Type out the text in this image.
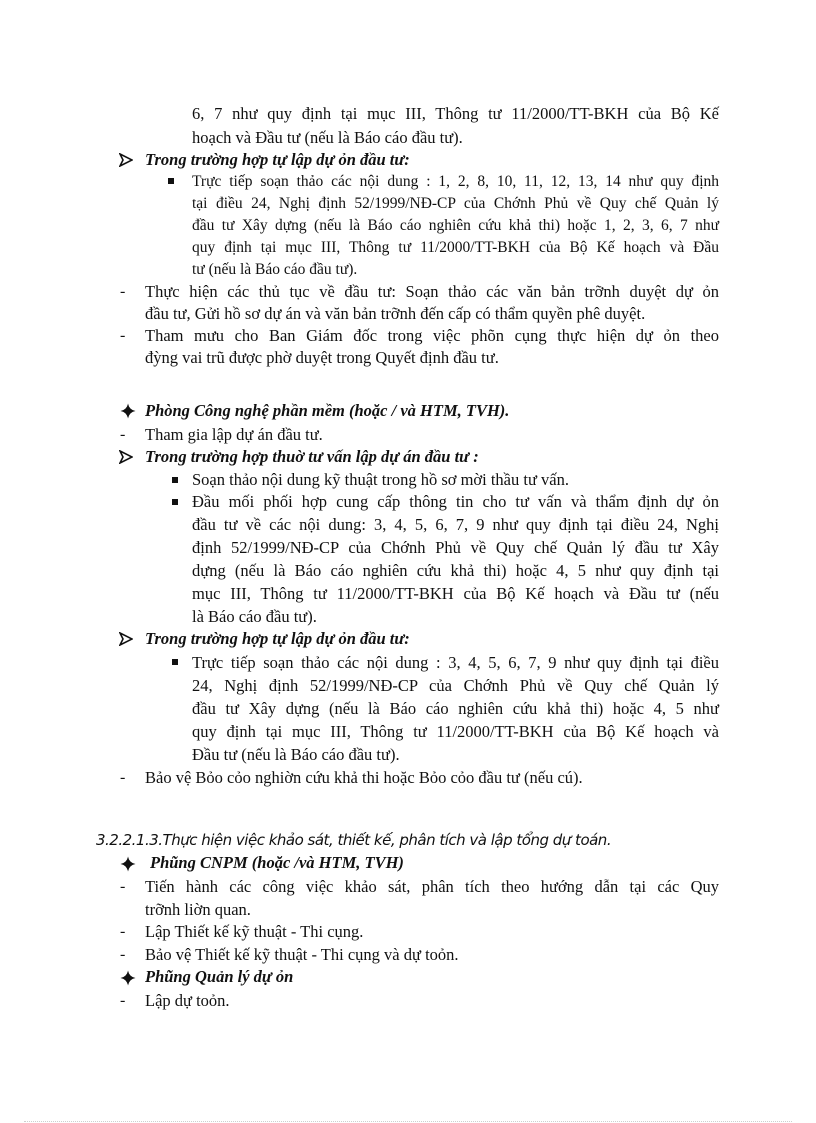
6, 7 như quy định tại mục III, Thông tư 11/2000/TT-BKH của Bộ Kế
hoạch và Đầu tư (nếu là Báo cáo đầu tư).
Trong trường hợp tự lập dự ỏn đầu tư:
Trực tiếp soạn thảo các nội dung : 1, 2, 8, 10, 11, 12, 13, 14 như quy định
tại điều 24, Nghị định 52/1999/NĐ-CP của Chớnh Phủ về Quy chế Quản lý
đầu tư Xây dựng (nếu là Báo cáo nghiên cứu khả thi) hoặc 1, 2, 3, 6, 7 như
quy định tại mục III, Thông tư 11/2000/TT-BKH của Bộ Kế hoạch và Đầu
tư (nếu là Báo cáo đầu tư).
- Thực hiện các thủ tục về đầu tư: Soạn thảo các văn bản trỡnh duyệt dự ỏn
đầu tư, Gửi hồ sơ dự án và văn bản trỡnh đến cấp có thẩm quyền phê duyệt.
- Tham mưu cho Ban Giám đốc trong việc phõn cụng thực hiện dự ỏn theo
đỳng vai trũ được phờ duyệt trong Quyết định đầu tư.
Phòng Công nghệ phần mềm (hoặc / và HTM, TVH).
- Tham gia lập dự án đầu tư.
Trong trường hợp thuờ tư vấn lập dự án đầu tư :
Soạn thảo nội dung kỹ thuật trong hồ sơ mời thầu tư vấn.
Đầu mối phối hợp cung cấp thông tin cho tư vấn và thẩm định dự ỏn
đầu tư về các nội dung: 3, 4, 5, 6, 7, 9 như quy định tại điều 24, Nghị
định 52/1999/NĐ-CP của Chớnh Phủ về Quy chế Quản lý đầu tư Xây
dựng (nếu là Báo cáo nghiên cứu khả thi) hoặc 4, 5 như quy định tại
mục III, Thông tư 11/2000/TT-BKH của Bộ Kế hoạch và Đầu tư (nếu
là Báo cáo đầu tư).
Trong trường hợp tự lập dự ỏn đầu tư:
Trực tiếp soạn thảo các nội dung : 3, 4, 5, 6, 7, 9 như quy định tại điều
24, Nghị định 52/1999/NĐ-CP của Chớnh Phủ về Quy chế Quản lý
đầu tư Xây dựng (nếu là Báo cáo nghiên cứu khả thi) hoặc 4, 5 như
quy định tại mục III, Thông tư 11/2000/TT-BKH của Bộ Kế hoạch và
Đầu tư (nếu là Báo cáo đầu tư).
- Bảo vệ Bỏo cỏo nghiờn cứu khả thi hoặc Bỏo cỏo đầu tư (nếu cú).
3.2.2.1.3.Thực hiện việc khảo sát, thiết kế, phân tích và lập tổng dự toán.
Phũng CNPM (hoặc /và HTM, TVH)
- Tiến hành các công việc khảo sát, phân tích theo hướng dẫn tại các Quy
trỡnh liờn quan.
- Lập Thiết kế kỹ thuật - Thi cụng.
- Bảo vệ Thiết kế kỹ thuật - Thi cụng và dự toỏn.
Phũng Quản lý dự ỏn
- Lập dự toỏn.
